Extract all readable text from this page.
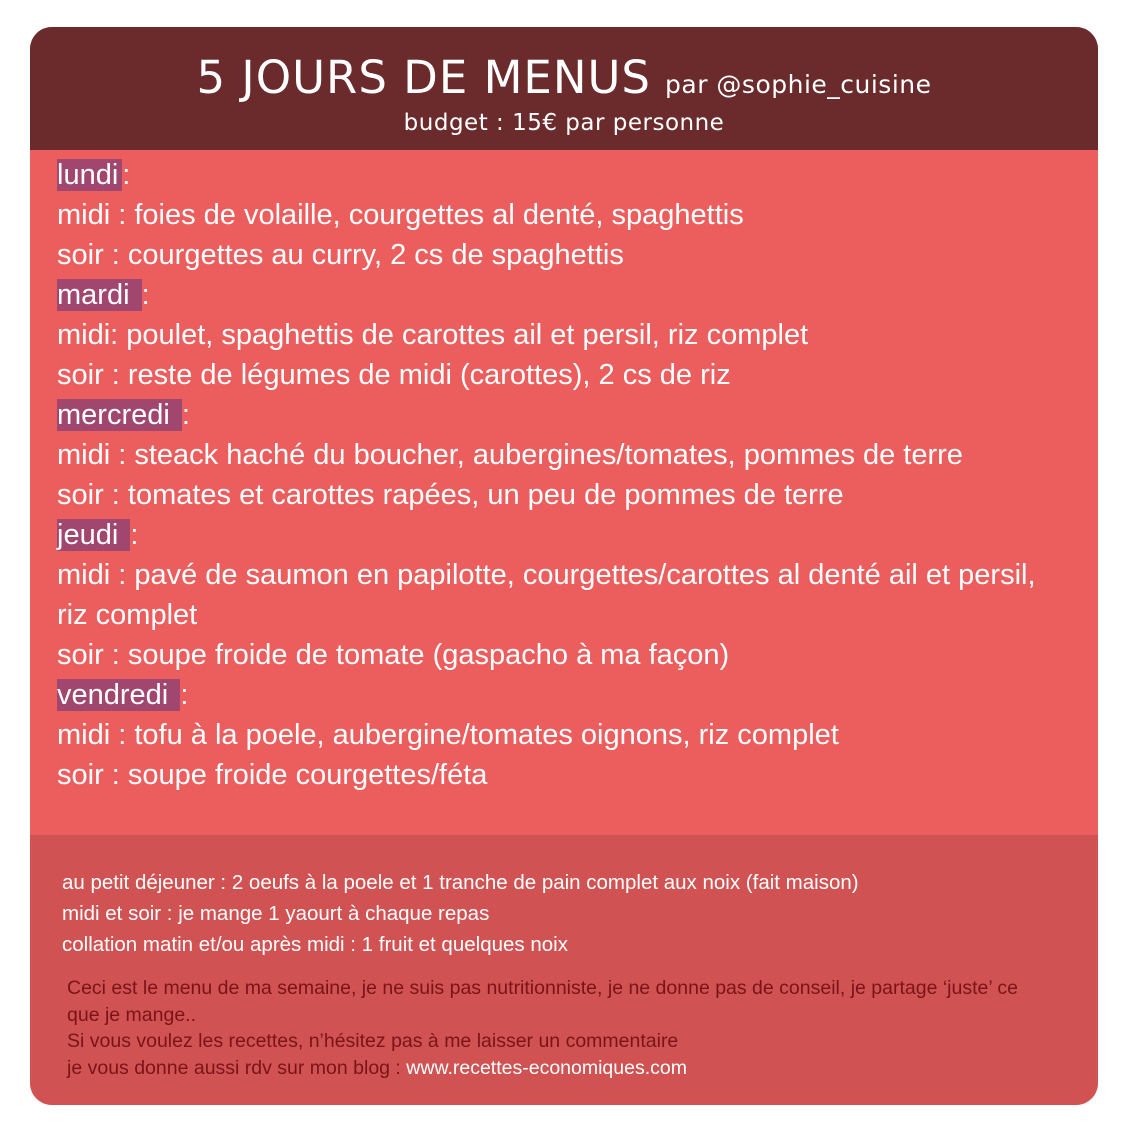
5 JOURS DE MENUS par @sophie_cuisine
budget : 15€ par personne
lundi :
midi : foies de volaille, courgettes al denté, spaghettis
soir : courgettes au curry, 2 cs de spaghettis
mardi :
midi: poulet, spaghettis de carottes ail et persil, riz complet
soir : reste de légumes de midi (carottes), 2 cs de riz
mercredi :
midi : steack haché du boucher, aubergines/tomates, pommes de terre
soir : tomates et carottes rapées, un peu de pommes de terre
jeudi :
midi : pavé de saumon en papilotte, courgettes/carottes al denté ail et persil, riz complet
soir : soupe froide de tomate (gaspacho à ma façon)
vendredi :
midi : tofu à la poele, aubergine/tomates oignons, riz complet
soir : soupe froide courgettes/féta
au petit déjeuner : 2 oeufs à la poele et 1 tranche de pain complet aux noix (fait maison)
midi et soir : je mange 1 yaourt à chaque repas
collation matin et/ou après midi : 1 fruit et quelques noix
Ceci est le menu de ma semaine, je ne suis pas nutritionniste, je ne donne pas de conseil, je partage ‘juste’ ce que je mange..
Si vous voulez les recettes, n’hésitez pas à me laisser un commentaire
je vous donne aussi rdv sur mon blog : www.recettes-economiques.com
